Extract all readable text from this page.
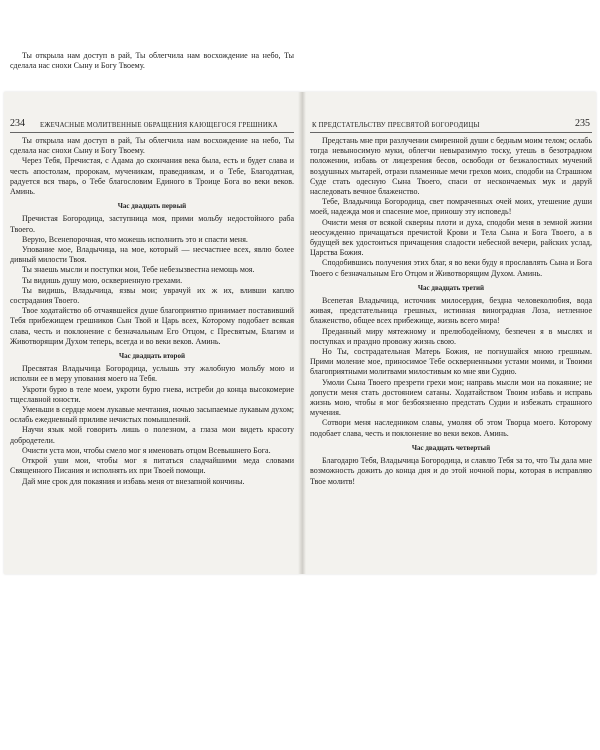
Ты открыла нам доступ в рай, Ты облегчила нам восхождение на небо, Ты сделала нас снохи Сыну и Богу Твоему.

234 ЕЖЕЧАСНЫЕ МОЛИТВЕННЫЕ ОБРАЩЕНИЯ КАЮЩЕГОСЯ ГРЕШНИКА

Ты открыла нам доступ в рай, Ты облегчила нам восхождение на небо, Ты сделала нас снохи Сыну и Богу Твоему.

Через Тебя, Пречистая, с Адама до скончания века была, есть и будет слава и честь апостолам, пророкам, мученикам, праведникам, и о Тебе, Благодатная, радуется вся тварь, о Тебе благословим Единого в Троице Бога во веки веков. Аминь.

Час двадцать первый

Пречистая Богородица, заступница моя, прими мольбу недостойного раба Твоего.

Верую, Всенепорочная, что можешь исполнить это и спасти меня.

Упование мое, Владычица, на мое, который — несчастнее всех, явлю более дивный милости Твоя.

Ты знаешь мысли и поступки мои, Тебе небезызвестна немощь моя.

Ты видишь душу мою, оскверненную грехами.

Ты видишь, Владычица, язвы мои; уврачуй их ж их, вливши каплю сострадания Твоего.

Твое ходатайство об отчаявшейся душе благоприятно принимает поставивший Тебя прибежищем грешников Сын Твой и Царь всех, Которому подобает всякая слава, честь и поклонение с безначальным Его Отцом, с Пресвятым, Благим и Животворящим Духом теперь, всегда и во веки веков. Аминь.

Час двадцать второй

Пресвятая Владычица Богородица, услышь эту жалобную мольбу мою и исполни ее в меру упования моего на Тебя.

Укроти бурю в теле моем, укроти бурю гнева, истреби до конца высокомерие тщеславной юности.

Уменьши в сердце моем лукавые мечтания, ночью засыпаемые лукавым духом; ослабь ежедневный приливе нечистых помышлений.

Научи язык мой говорить лишь о полезном, а глаза мои видеть красоту добродетели.

Очисти уста мои, чтобы смело мог я именовать отцом Всевышнего Бога.

Открой уши мои, чтобы мог я питаться сладчайшими меда словами Священного Писания и исполнять их при Твоей помощи.

Дай мне срок для покаяния и избавь меня от внезапной кончины.

К ПРЕДСТАТЕЛЬСТВУ ПРЕСВЯТОЙ БОГОРОДИЦЫ	235

Предстань мне при разлучении смиренной души с бедным моим телом; ослабь тогда невыносимую муки, облегчи невыразимую тоску, утешь в безотрадном положении, избавь от лицезрения бесов, освободи от безжалостных мучений воздушных мытарей, отрази пламенные мечи грехов моих, сподоби на Страшном Суде стать одесную Сына Твоего, спаси от нескончаемых мук и даруй наследовать вечное блаженство.

Тебе, Владычица Богородица, свет помраченных очей моих, утешение души моей, надежда моя и спасение мое, приношу эту исповедь!

Очисти меня от всякой скверны плоти и духа, сподоби меня в земной жизни неосужденно причащаться пречистой Крови и Тела Сына и Бога Твоего, а в будущей век удостоиться причащения сладости небесной вечери, райских услад, Царства Божия.

Сподобившись получения этих благ, я во веки буду я прославлять Сына и Бога Твоего с безначальным Его Отцом и Животворящим Духом. Аминь.

Час двадцать третий

Всепетая Владычица, источник милосердия, бездна человеколюбия, вода живая, предстательница грешных, истинная виноградная Лоза, нетленное блаженство, общее всех прибежище, жизнь всего мира!

Преданный миру мятежному и прелюбодейному, безпечен я в мыслях и поступках и праздно провожу жизнь свою.

Но Ты, сострадательная Матерь Божия, не погнушайся мною грешным. Прими моление мое, приносимое Тебе оскверненными устами моими, и Твоими благоприятными молитвами милостивым ко мне яви Судию.

Умоли Сына Твоего презрети грехи мои; направь мысли мои на покаяние; не допусти меня стать достоянием сатаны. Ходатайством Твоим избавь и исправь жизнь мою, чтобы я мог безбоязненно предстать Судии и избежать страшного мучения.

Сотвори меня наследником славы, умоляя об этом Творца моего. Которому подобает слава, честь и поклонение во веки веков. Аминь.

Час двадцать четвертый

Благодарю Тебя, Владычица Богородица, и славлю Тебя за то, что Ты дала мне возможность дожить до конца дня и до этой ночной поры, которая в исправляю Твое молитв!
